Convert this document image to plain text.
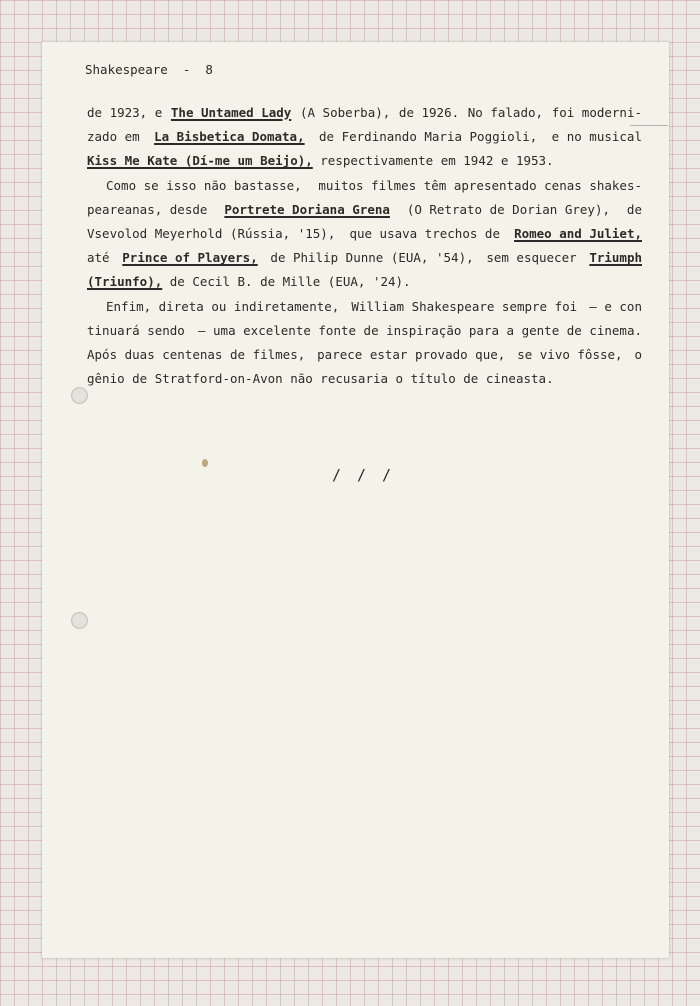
Shakespeare  -  8
de 1923, e The Untamed Lady (A Soberba), de 1926. No falado, foi moderni-
zado em La Bisbetica Domata, de Ferdinando Maria Poggioli, e no musical
Kiss Me Kate (Dí-me um Beijo), respectivamente em 1942 e 1953.
Como se isso não bastasse, muitos filmes têm apresentado cenas shakes-
peareanas, desde Portrete Doriana Grena (O Retrato de Dorian Grey), de
Vsevolod Meyerhold (Rússia, '15), que usava trechos de Romeo and Juliet,
até Prince of Players, de Philip Dunne (EUA, '54), sem esquecer Triumph
(Triunfo), de Cecil B. de Mille (EUA, '24).
Enfim, direta ou indiretamente, William Shakespeare sempre foi — e con
tinuará sendo — uma excelente fonte de inspiração para a gente de cinema.
Após duas centenas de filmes, parece estar provado que, se vivo fôsse, o
gênio de Stratford-on-Avon não recusaria o título de cineasta.
///
